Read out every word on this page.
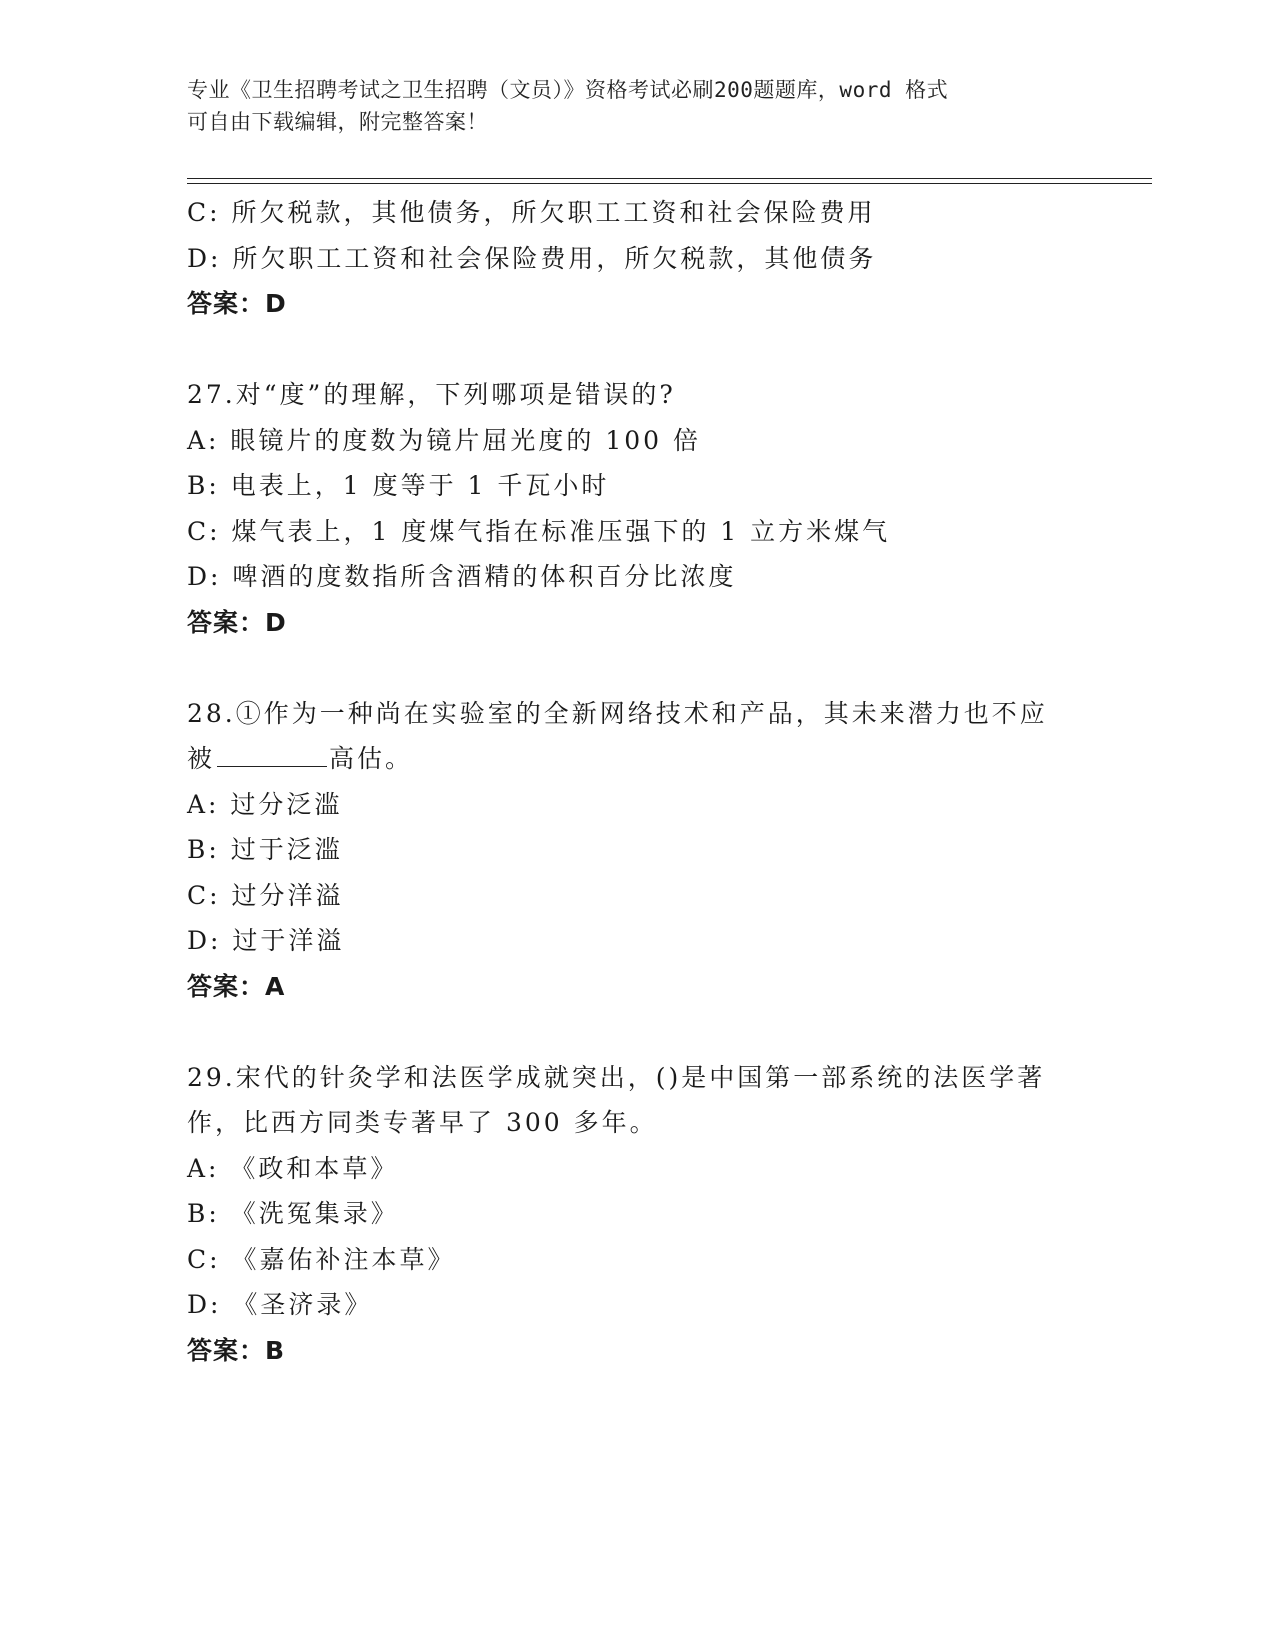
专业《卫生招聘考试之卫生招聘（文员）》资格考试必刷200题题库，word 格式
可自由下载编辑，附完整答案！
C: 所欠税款，其他债务，所欠职工工资和社会保险费用
D: 所欠职工工资和社会保险费用，所欠税款，其他债务
答案：D
27.对“度”的理解，下列哪项是错误的?
A: 眼镜片的度数为镜片屈光度的 100 倍
B: 电表上，1 度等于 1 千瓦小时
C: 煤气表上，1 度煤气指在标准压强下的 1 立方米煤气
D: 啤酒的度数指所含酒精的体积百分比浓度
答案：D
28.①作为一种尚在实验室的全新网络技术和产品，其未来潜力也不应
被	高估。
A: 过分泛滥
B: 过于泛滥
C: 过分洋溢
D: 过于洋溢
答案：A
29.宋代的针灸学和法医学成就突出，()是中国第一部系统的法医学著
作，比西方同类专著早了 300 多年。
A: 《政和本草》
B: 《洗冤集录》
C: 《嘉佑补注本草》
D: 《圣济录》
答案：B
